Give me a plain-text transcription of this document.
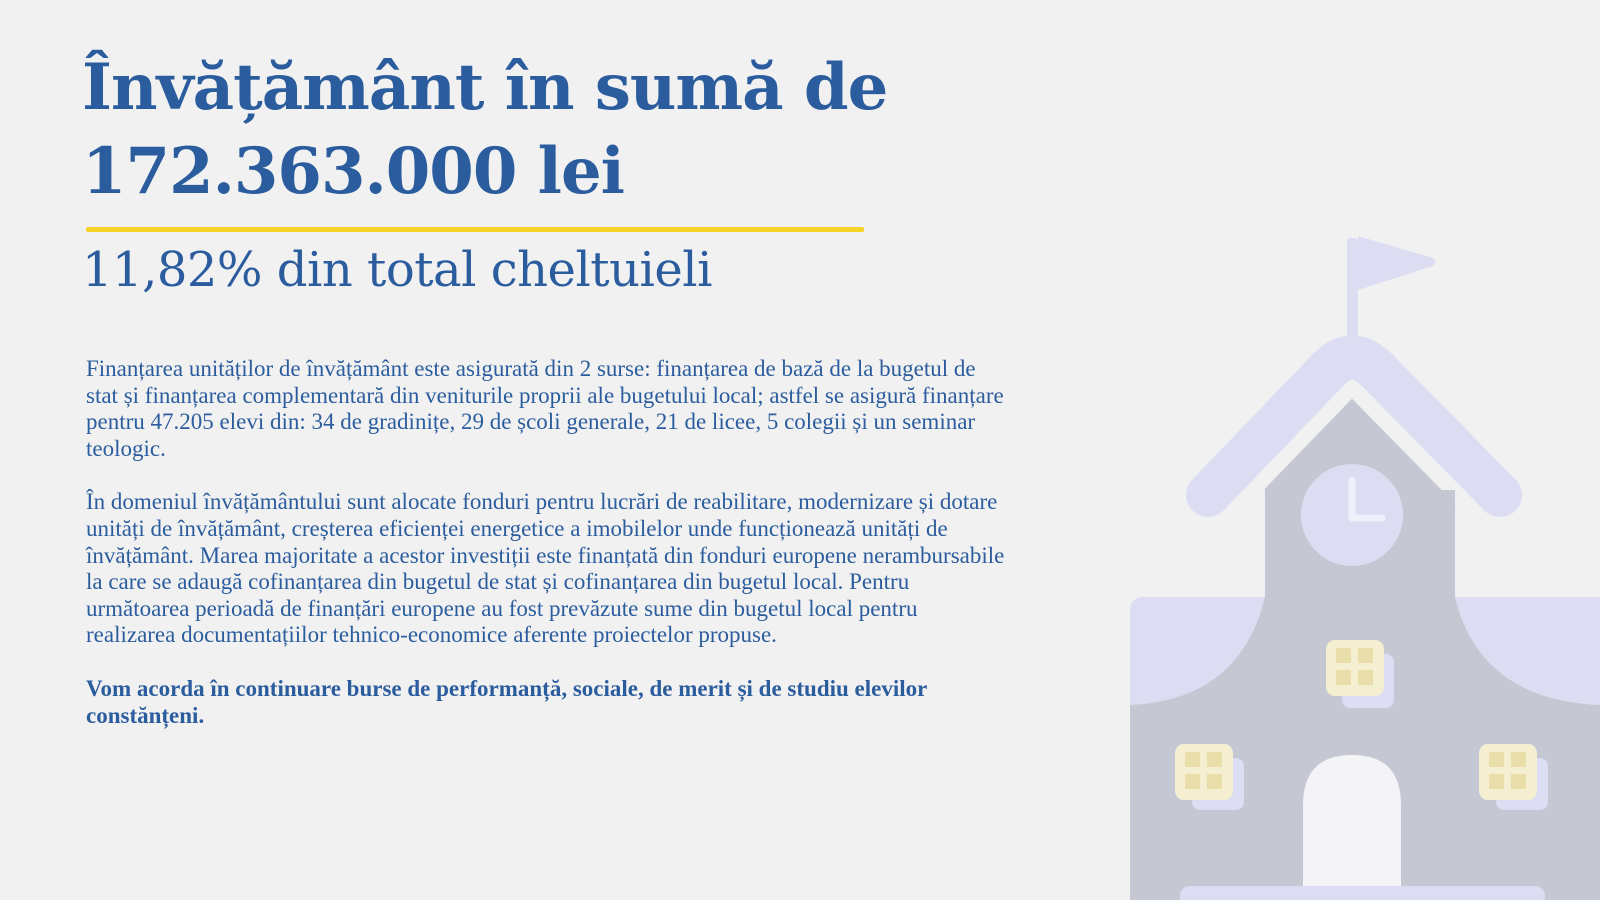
Învățământ în sumă de
172.363.000 lei
11,82% din total cheltuieli

Finanțarea unităților de învățământ este asigurată din 2 surse: finanțarea de bază de la bugetul de stat și finanțarea complementară din veniturile proprii ale bugetului local; astfel se asigură finanțare pentru 47.205 elevi din: 34 de gradinițe, 29 de școli generale, 21 de licee, 5 colegii și un seminar teologic.

În domeniul învățământului sunt alocate fonduri pentru lucrări de reabilitare, modernizare și dotare unități de învățământ, creșterea eficienței energetice a imobilelor unde funcționează unități de învățământ. Marea majoritate a acestor investiții este finanțată din fonduri europene nerambursabile la care se adaugă cofinanțarea din bugetul de stat și cofinanțarea din bugetul local. Pentru următoarea perioadă de finanțări europene au fost prevăzute sume din bugetul local pentru realizarea documentațiilor tehnico-economice aferente proiectelor propuse.

Vom acorda în continuare burse de performanță, sociale, de merit și de studiu elevilor constănțeni.
